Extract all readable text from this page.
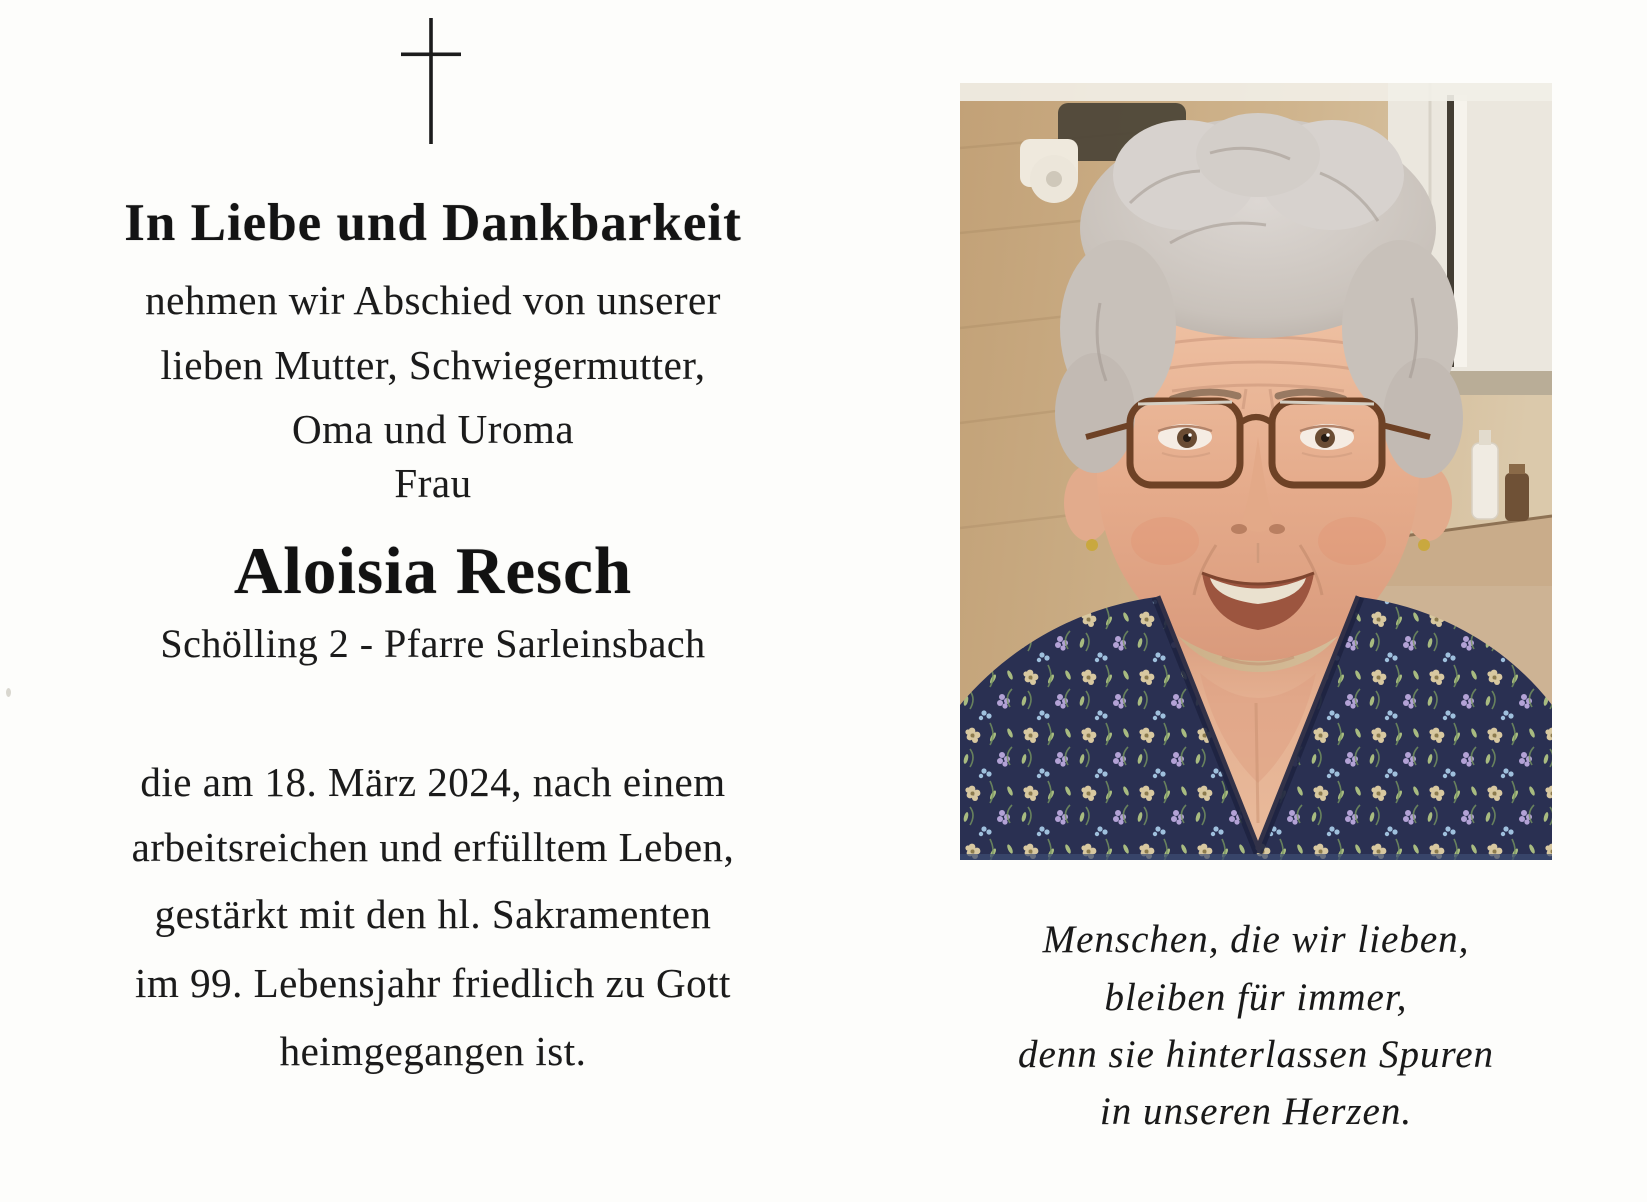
In Liebe und Dankbarkeit
nehmen wir Abschied von unserer
lieben Mutter, Schwiegermutter,
Oma und Uroma
Frau
Aloisia Resch
Schölling 2 - Pfarre Sarleinsbach
die am 18. März 2024, nach einem
arbeitsreichen und erfülltem Leben,
gestärkt mit den hl. Sakramenten
im 99. Lebensjahr friedlich zu Gott
heimgegangen ist.
Menschen, die wir lieben,
bleiben für immer,
denn sie hinterlassen Spuren
in unseren Herzen.
